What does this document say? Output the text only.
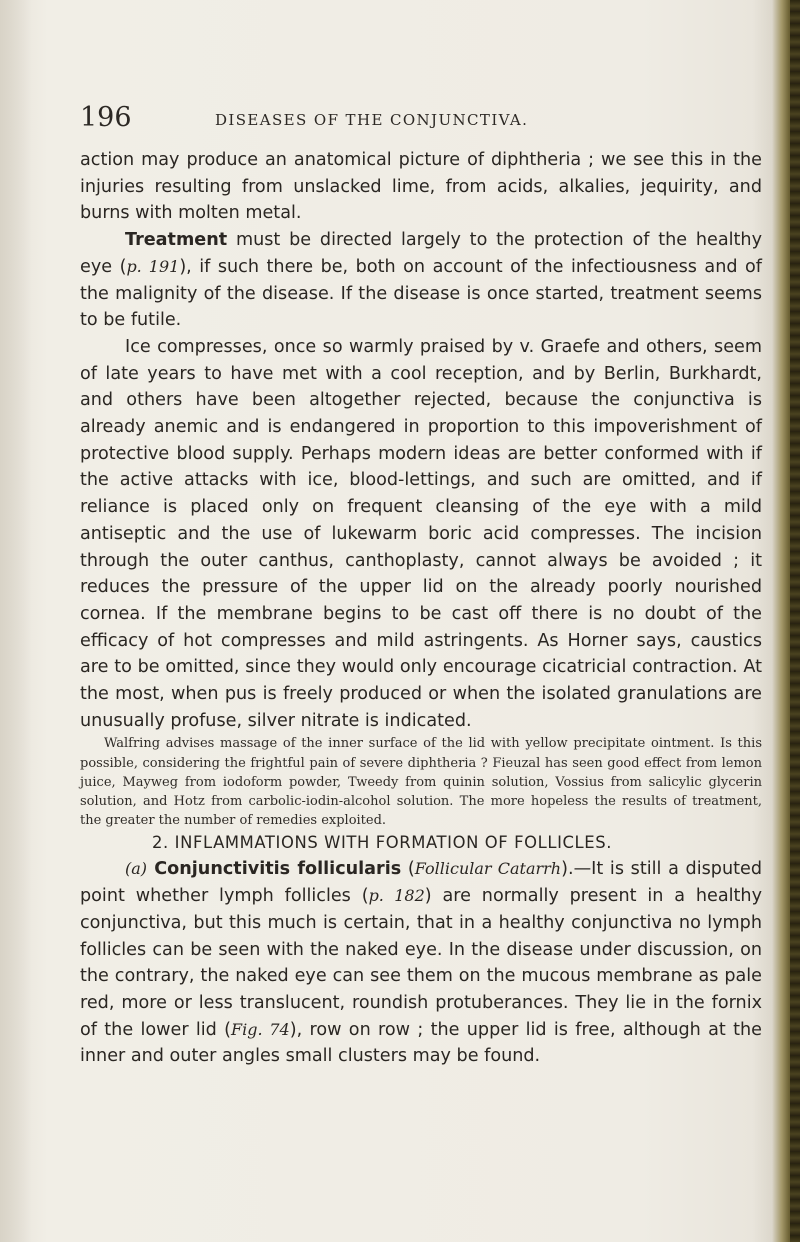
196	DISEASES OF THE CONJUNCTIVA.

action may produce an anatomical picture of diphtheria ; we see this in the injuries resulting from unslacked lime, from acids, alkalies, jequirity, and burns with molten metal.

Treatment must be directed largely to the protection of the healthy eye (p. 191), if such there be, both on account of the infectiousness and of the malignity of the disease. If the disease is once started, treatment seems to be futile.

Ice compresses, once so warmly praised by v. Graefe and others, seem of late years to have met with a cool reception, and by Berlin, Burkhardt, and others have been altogether rejected, because the conjunctiva is already anemic and is endangered in proportion to this impoverishment of protective blood supply. Perhaps modern ideas are better conformed with if the active attacks with ice, blood-lettings, and such are omitted, and if reliance is placed only on frequent cleansing of the eye with a mild antiseptic and the use of lukewarm boric acid compresses. The incision through the outer canthus, canthoplasty, cannot always be avoided ; it reduces the pressure of the upper lid on the already poorly nourished cornea. If the membrane begins to be cast off there is no doubt of the efficacy of hot compresses and mild astringents. As Horner says, caustics are to be omitted, since they would only encourage cicatricial contraction. At the most, when pus is freely produced or when the isolated granulations are unusually profuse, silver nitrate is indicated.

Walfring advises massage of the inner surface of the lid with yellow precipitate ointment. Is this possible, considering the frightful pain of severe diphtheria ? Fieuzal has seen good effect from lemon juice, Mayweg from iodoform powder, Tweedy from quinin solution, Vossius from salicylic glycerin solution, and Hotz from carbolic-iodin-alcohol solution. The more hopeless the results of treatment, the greater the number of remedies exploited.

2. INFLAMMATIONS WITH FORMATION OF FOLLICLES.

(a) Conjunctivitis follicularis (Follicular Catarrh).—It is still a disputed point whether lymph follicles (p. 182) are normally present in a healthy conjunctiva, but this much is certain, that in a healthy conjunctiva no lymph follicles can be seen with the naked eye. In the disease under discussion, on the contrary, the naked eye can see them on the mucous membrane as pale red, more or less translucent, roundish protuberances. They lie in the fornix of the lower lid (Fig. 74), row on row ; the upper lid is free, although at the inner and outer angles small clusters may be found.
